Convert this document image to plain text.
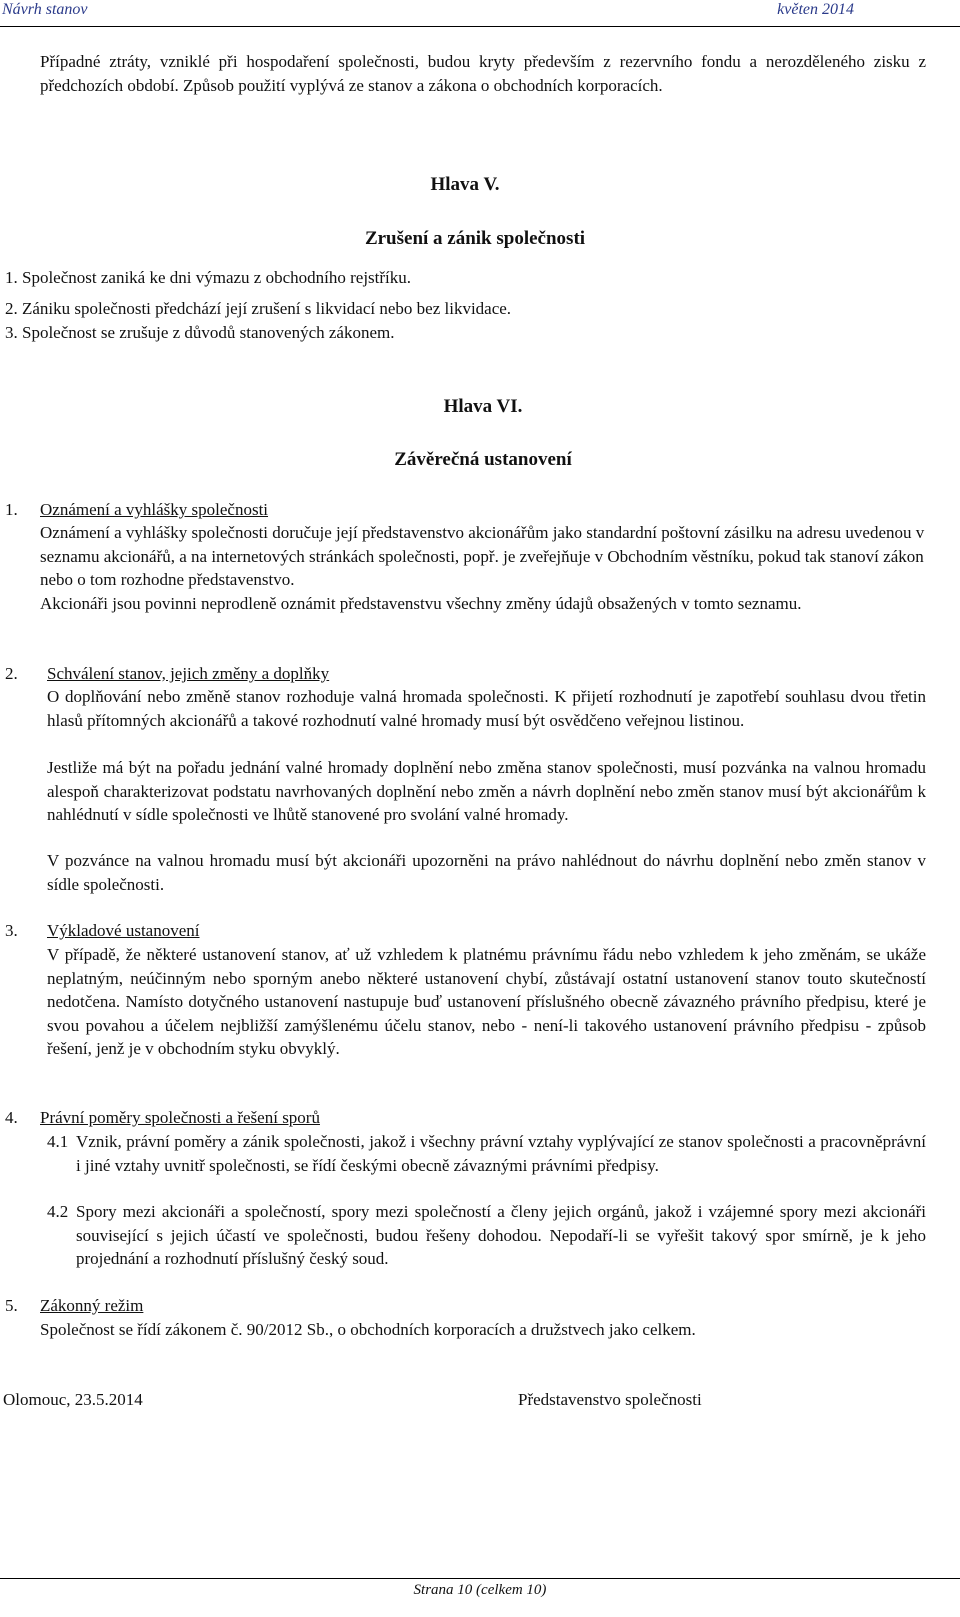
Návrh stanov	květen 2014

Případné ztráty, vzniklé při hospodaření společnosti, budou kryty především z rezervního fondu a nerozděleného zisku z předchozích období. Způsob použití vyplývá ze stanov a zákona o obchodních korporacích.

Hlava V.
Zrušení a zánik společnosti
1. Společnost zaniká ke dni výmazu z obchodního rejstříku.
2. Zániku společnosti předchází její zrušení s likvidací nebo bez likvidace.
3. Společnost se zrušuje z důvodů stanovených zákonem.
Hlava VI.
Závěrečná ustanovení
1. Oznámení a vyhlášky společnosti

Oznámení a vyhlášky společnosti doručuje její představenstvo akcionářům jako standardní poštovní zásilku na adresu uvedenou v seznamu akcionářů, a na internetových stránkách společnosti, popř. je zveřejňuje v Obchodním věstníku, pokud tak stanoví zákon nebo o tom rozhodne představenstvo.

Akcionáři jsou povinni neprodleně oznámit představenstvu všechny změny údajů obsažených v tomto seznamu.

2. Schválení stanov, jejich změny a doplňky

O doplňování nebo změně stanov rozhoduje valná hromada společnosti. K přijetí rozhodnutí je zapotřebí souhlasu dvou třetin hlasů přítomných akcionářů a takové rozhodnutí valné hromady musí být osvědčeno veřejnou listinou.

Jestliže má být na pořadu jednání valné hromady doplnění nebo změna stanov společnosti, musí pozvánka na valnou hromadu alespoň charakterizovat podstatu navrhovaných doplnění nebo změn a návrh doplnění nebo změn stanov musí být akcionářům k nahlédnutí v sídle společnosti ve lhůtě stanovené pro svolání valné hromady.

V pozvánce na valnou hromadu musí být akcionáři upozorněni na právo nahlédnout do návrhu doplnění nebo změn stanov v sídle společnosti.

3. Výkladové ustanovení

V případě, že některé ustanovení stanov, ať už vzhledem k platnému právnímu řádu nebo vzhledem k jeho změnám, se ukáže neplatným, neúčinným nebo sporným anebo některé ustanovení chybí, zůstávají ostatní ustanovení stanov touto skutečností nedotčena. Namísto dotyčného ustanovení nastupuje buď ustanovení příslušného obecně závazného právního předpisu, které je svou povahou a účelem nejbližší zamýšlenému účelu stanov, nebo - není-li takového ustanovení právního předpisu - způsob řešení, jenž je v obchodním styku obvyklý.

4. Právní poměry společnosti a řešení sporů
4.1 Vznik, právní poměry a zánik společnosti, jakož i všechny právní vztahy vyplývající ze stanov společnosti a pracovněprávní i jiné vztahy uvnitř společnosti, se řídí českými obecně závaznými právními předpisy.

4.2 Spory mezi akcionáři a společností, spory mezi společností a členy jejich orgánů, jakož i vzájemné spory mezi akcionáři související s jejich účastí ve společnosti, budou řešeny dohodou. Nepodaří-li se vyřešit takový spor smírně, je k jeho projednání a rozhodnutí příslušný český soud.

5. Zákonný režim

Společnost se řídí zákonem č. 90/2012 Sb., o obchodních korporacích a družstvech jako celkem.

Olomouc, 23.5.2014	Představenstvo společnosti
Strana 10 (celkem 10)
